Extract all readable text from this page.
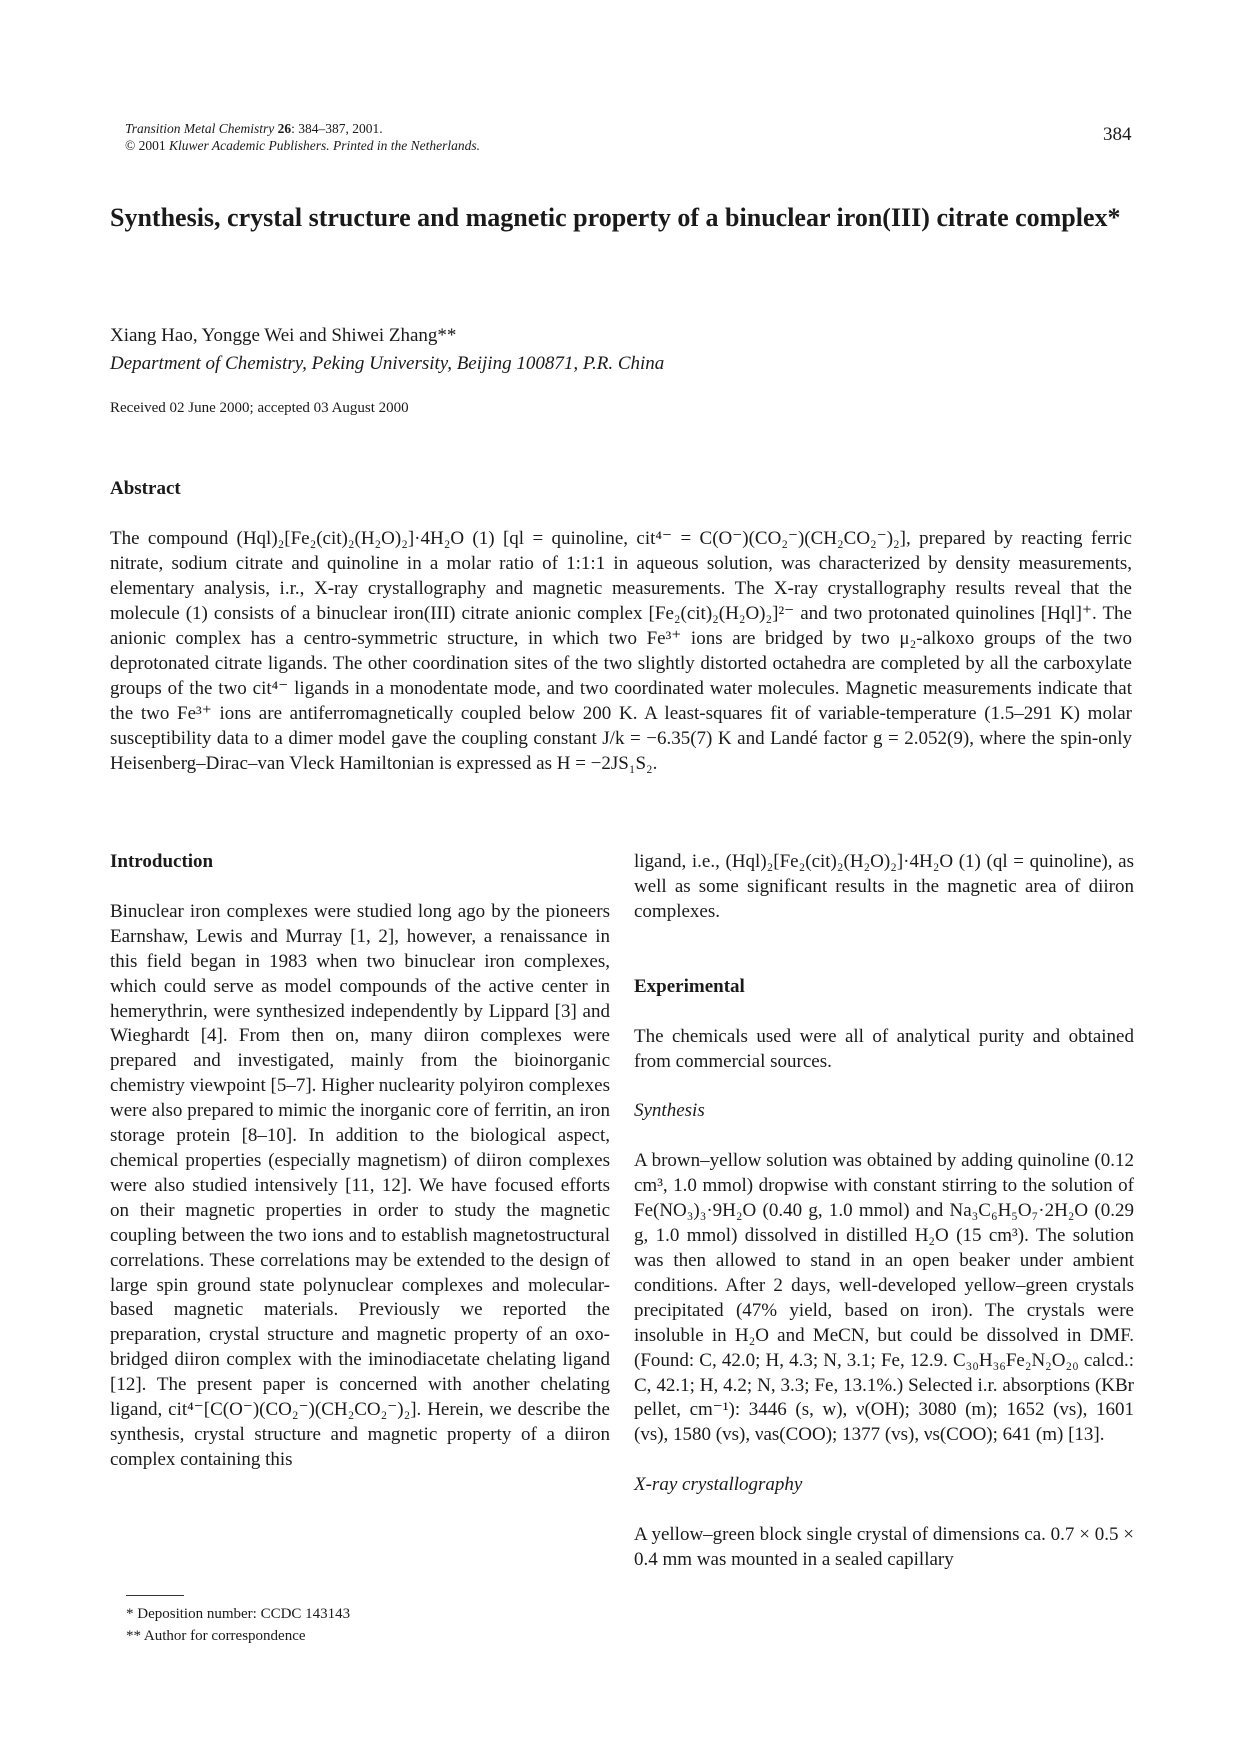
Transition Metal Chemistry 26: 384–387, 2001.
© 2001 Kluwer Academic Publishers. Printed in the Netherlands.
384
Synthesis, crystal structure and magnetic property of a binuclear iron(III) citrate complex*
Xiang Hao, Yongge Wei and Shiwei Zhang**
Department of Chemistry, Peking University, Beijing 100871, P.R. China
Received 02 June 2000; accepted 03 August 2000
Abstract

The compound (Hql)₂[Fe₂(cit)₂(H₂O)₂]·4H₂O (1) [ql = quinoline, cit⁴⁻ = C(O⁻)(CO₂⁻)(CH₂CO₂⁻)₂], prepared by reacting ferric nitrate, sodium citrate and quinoline in a molar ratio of 1:1:1 in aqueous solution, was characterized by density measurements, elementary analysis, i.r., X-ray crystallography and magnetic measurements. The X-ray crystallography results reveal that the molecule (1) consists of a binuclear iron(III) citrate anionic complex [Fe₂(cit)₂(H₂O)₂]²⁻ and two protonated quinolines [Hql]⁺. The anionic complex has a centro-symmetric structure, in which two Fe³⁺ ions are bridged by two μ₂-alkoxo groups of the two deprotonated citrate ligands. The other coordination sites of the two slightly distorted octahedra are completed by all the carboxylate groups of the two cit⁴⁻ ligands in a monodentate mode, and two coordinated water molecules. Magnetic measurements indicate that the two Fe³⁺ ions are antiferromagnetically coupled below 200 K. A least-squares fit of variable-temperature (1.5–291 K) molar susceptibility data to a dimer model gave the coupling constant J/k = −6.35(7) K and Landé factor g = 2.052(9), where the spin-only Heisenberg–Dirac–van Vleck Hamiltonian is expressed as H = −2JS₁S₂.

Introduction

Binuclear iron complexes were studied long ago by the pioneers Earnshaw, Lewis and Murray [1, 2], however, a renaissance in this field began in 1983 when two binuclear iron complexes, which could serve as model compounds of the active center in hemerythrin, were synthesized independently by Lippard [3] and Wieghardt [4]. From then on, many diiron complexes were prepared and investigated, mainly from the bioinorganic chemistry viewpoint [5–7]. Higher nuclearity polyiron complexes were also prepared to mimic the inorganic core of ferritin, an iron storage protein [8–10]. In addition to the biological aspect, chemical properties (especially magnetism) of diiron complexes were also studied intensively [11, 12]. We have focused efforts on their magnetic properties in order to study the magnetic coupling between the two ions and to establish magnetostructural correlations. These correlations may be extended to the design of large spin ground state polynuclear complexes and molecular-based magnetic materials. Previously we reported the preparation, crystal structure and magnetic property of an oxo-bridged diiron complex with the iminodiacetate chelating ligand [12]. The present paper is concerned with another chelating ligand, cit⁴⁻[C(O⁻)(CO₂⁻)(CH₂CO₂⁻)₂]. Herein, we describe the synthesis, crystal structure and magnetic property of a diiron complex containing this

ligand, i.e., (Hql)₂[Fe₂(cit)₂(H₂O)₂]·4H₂O (1) (ql = quinoline), as well as some significant results in the magnetic area of diiron complexes.

Experimental

The chemicals used were all of analytical purity and obtained from commercial sources.

Synthesis

A brown–yellow solution was obtained by adding quinoline (0.12 cm³, 1.0 mmol) dropwise with constant stirring to the solution of Fe(NO₃)₃·9H₂O (0.40 g, 1.0 mmol) and Na₃C₆H₅O₇·2H₂O (0.29 g, 1.0 mmol) dissolved in distilled H₂O (15 cm³). The solution was then allowed to stand in an open beaker under ambient conditions. After 2 days, well-developed yellow–green crystals precipitated (47% yield, based on iron). The crystals were insoluble in H₂O and MeCN, but could be dissolved in DMF. (Found: C, 42.0; H, 4.3; N, 3.1; Fe, 12.9. C₃₀H₃₆Fe₂N₂O₂₀ calcd.: C, 42.1; H, 4.2; N, 3.3; Fe, 13.1%.) Selected i.r. absorptions (KBr pellet, cm⁻¹): 3446 (s, w), ν(OH); 3080 (m); 1652 (vs), 1601 (vs), 1580 (vs), νas(COO); 1377 (vs), νs(COO); 641 (m) [13].

X-ray crystallography

A yellow–green block single crystal of dimensions ca. 0.7 × 0.5 × 0.4 mm was mounted in a sealed capillary

* Deposition number: CCDC 143143
** Author for correspondence
